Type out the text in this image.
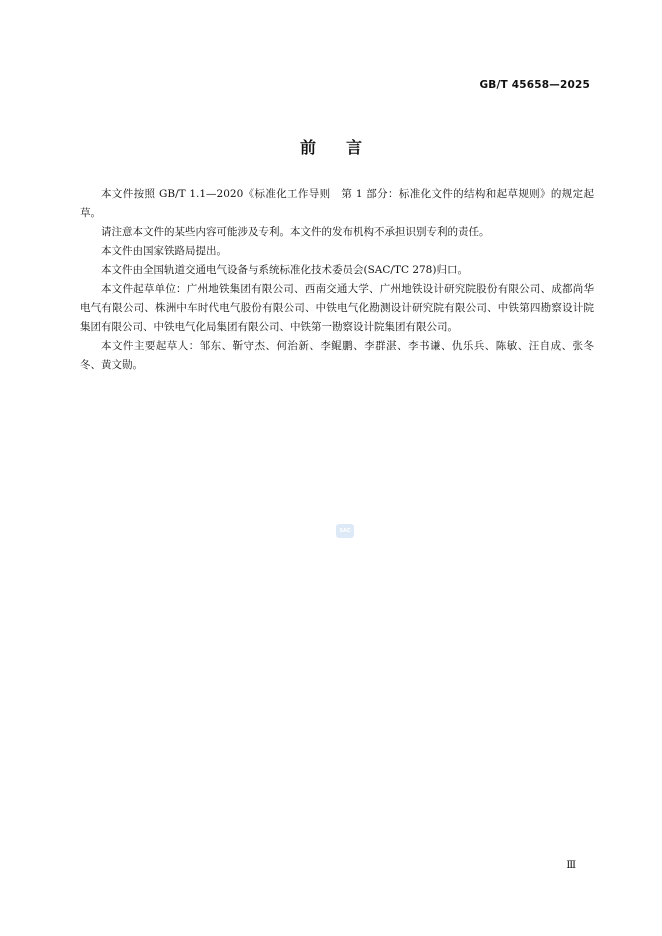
GB/T 45658—2025
前言

本文件按照 GB/T 1.1—2020《标准化工作导则　第 1 部分：标准化文件的结构和起草规则》的规定起草。

请注意本文件的某些内容可能涉及专利。本文件的发布机构不承担识别专利的责任。

本文件由国家铁路局提出。

本文件由全国轨道交通电气设备与系统标准化技术委员会(SAC/TC 278)归口。

本文件起草单位：广州地铁集团有限公司、西南交通大学、广州地铁设计研究院股份有限公司、成都尚华电气有限公司、株洲中车时代电气股份有限公司、中铁电气化勘测设计研究院有限公司、中铁第四勘察设计院集团有限公司、中铁电气化局集团有限公司、中铁第一勘察设计院集团有限公司。

本文件主要起草人：邹东、靳守杰、何治新、李鲲鹏、李群湛、李书谦、仇乐兵、陈敏、汪自成、张冬冬、黄文勋。

SAC
Ⅲ
